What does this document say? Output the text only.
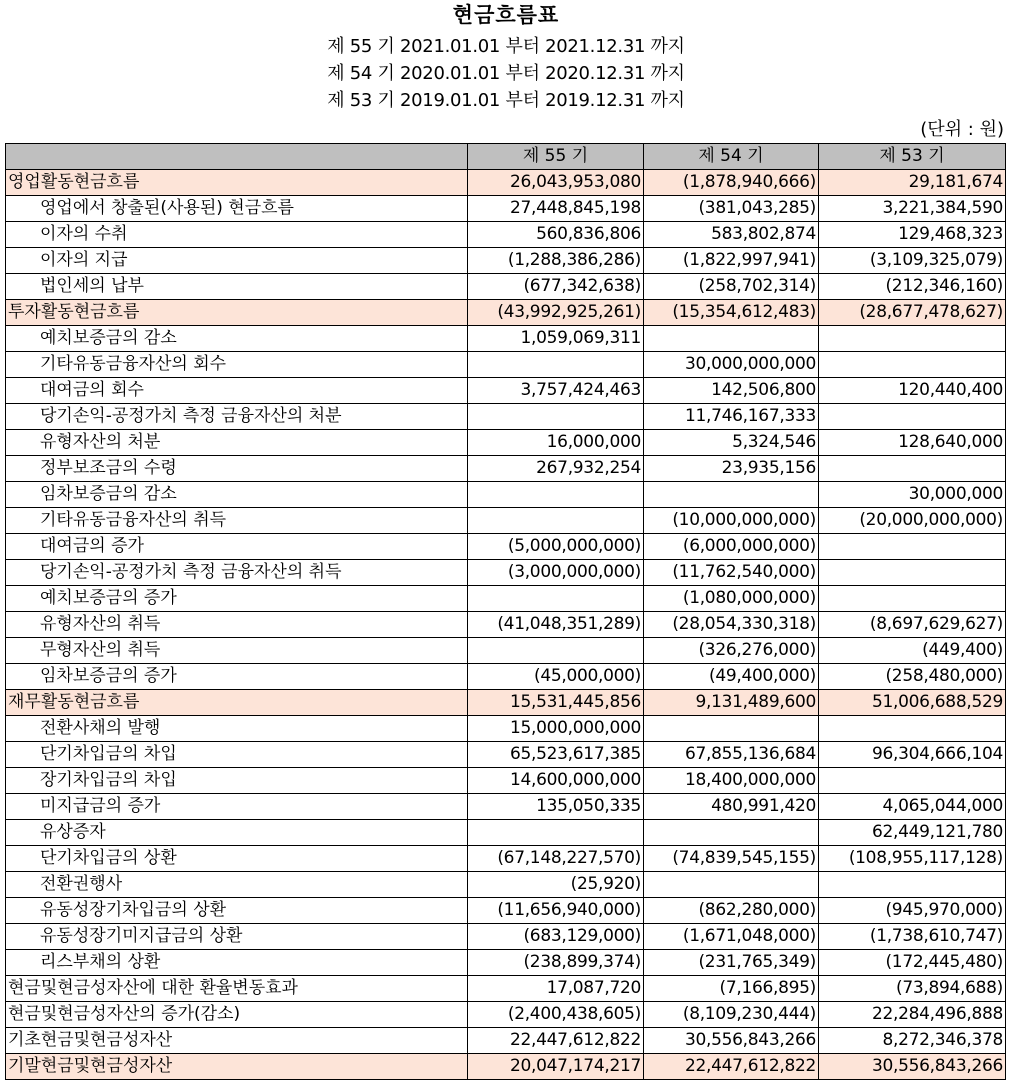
현금흐름표
제 55 기 2021.01.01 부터 2021.12.31 까지
제 54 기 2020.01.01 부터 2020.12.31 까지
제 53 기 2019.01.01 부터 2019.12.31 까지
(단위 : 원)
	제 55 기	제 54 기	제 53 기
영업활동현금흐름	26,043,953,080	(1,878,940,666)	29,181,674
영업에서 창출된(사용된) 현금흐름	27,448,845,198	(381,043,285)	3,221,384,590
이자의 수취	560,836,806	583,802,874	129,468,323
이자의 지급	(1,288,386,286)	(1,822,997,941)	(3,109,325,079)
법인세의 납부	(677,342,638)	(258,702,314)	(212,346,160)
투자활동현금흐름	(43,992,925,261)	(15,354,612,483)	(28,677,478,627)
예치보증금의 감소	1,059,069,311		
기타유동금융자산의 회수		30,000,000,000	
대여금의 회수	3,757,424,463	142,506,800	120,440,400
당기손익-공정가치 측정 금융자산의 처분		11,746,167,333	
유형자산의 처분	16,000,000	5,324,546	128,640,000
정부보조금의 수령	267,932,254	23,935,156	
임차보증금의 감소			30,000,000
기타유동금융자산의 취득		(10,000,000,000)	(20,000,000,000)
대여금의 증가	(5,000,000,000)	(6,000,000,000)	
당기손익-공정가치 측정 금융자산의 취득	(3,000,000,000)	(11,762,540,000)	
예치보증금의 증가		(1,080,000,000)	
유형자산의 취득	(41,048,351,289)	(28,054,330,318)	(8,697,629,627)
무형자산의 취득		(326,276,000)	(449,400)
임차보증금의 증가	(45,000,000)	(49,400,000)	(258,480,000)
재무활동현금흐름	15,531,445,856	9,131,489,600	51,006,688,529
전환사채의 발행	15,000,000,000		
단기차입금의 차입	65,523,617,385	67,855,136,684	96,304,666,104
장기차입금의 차입	14,600,000,000	18,400,000,000	
미지급금의 증가	135,050,335	480,991,420	4,065,044,000
유상증자			62,449,121,780
단기차입금의 상환	(67,148,227,570)	(74,839,545,155)	(108,955,117,128)
전환권행사	(25,920)		
유동성장기차입금의 상환	(11,656,940,000)	(862,280,000)	(945,970,000)
유동성장기미지급금의 상환	(683,129,000)	(1,671,048,000)	(1,738,610,747)
리스부채의 상환	(238,899,374)	(231,765,349)	(172,445,480)
현금및현금성자산에 대한 환율변동효과	17,087,720	(7,166,895)	(73,894,688)
현금및현금성자산의 증가(감소)	(2,400,438,605)	(8,109,230,444)	22,284,496,888
기초현금및현금성자산	22,447,612,822	30,556,843,266	8,272,346,378
기말현금및현금성자산	20,047,174,217	22,447,612,822	30,556,843,266
